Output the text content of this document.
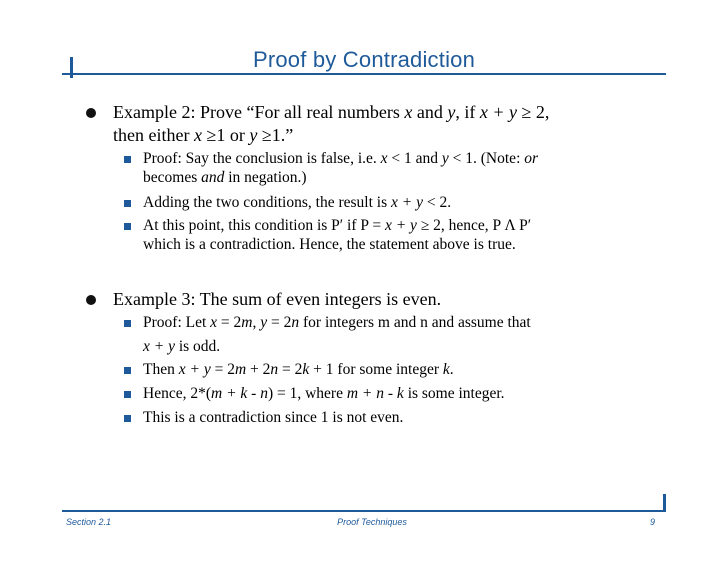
Proof by Contradiction
Example 2: Prove “For all real numbers x and y, if x + y ≥ 2,
then either x ≥1 or y ≥1.”
Proof: Say the conclusion is false, i.e. x < 1 and y < 1. (Note: or
becomes and in negation.)
Adding the two conditions, the result is x + y < 2.
At this point, this condition is P′ if P = x + y ≥ 2, hence, P Λ P′
which is a contradiction. Hence, the statement above is true.
Example 3: The sum of even integers is even.
Proof: Let x = 2m, y = 2n for integers m and n and assume that
x + y is odd.
Then x + y = 2m + 2n = 2k + 1 for some integer k.
Hence, 2*(m + k - n) = 1, where m + n - k is some integer.
This is a contradiction since 1 is not even.
Section 2.1	Proof Techniques	9
